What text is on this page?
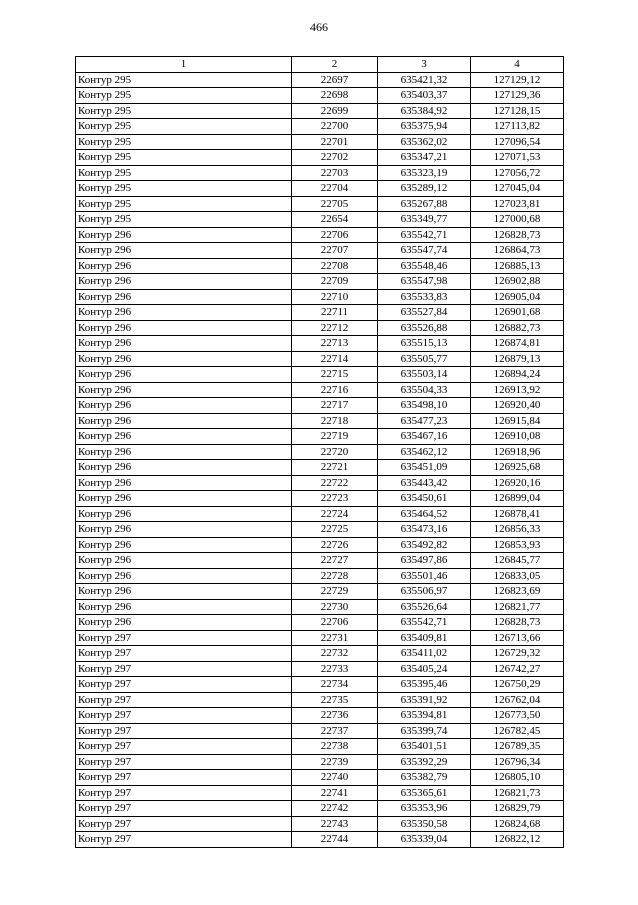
466
1	2	3	4
Контур 295	22697	635421,32	127129,12
Контур 295	22698	635403,37	127129,36
Контур 295	22699	635384,92	127128,15
Контур 295	22700	635375,94	127113,82
Контур 295	22701	635362,02	127096,54
Контур 295	22702	635347,21	127071,53
Контур 295	22703	635323,19	127056,72
Контур 295	22704	635289,12	127045,04
Контур 295	22705	635267,88	127023,81
Контур 295	22654	635349,77	127000,68
Контур 296	22706	635542,71	126828,73
Контур 296	22707	635547,74	126864,73
Контур 296	22708	635548,46	126885,13
Контур 296	22709	635547,98	126902,88
Контур 296	22710	635533,83	126905,04
Контур 296	22711	635527,84	126901,68
Контур 296	22712	635526,88	126882,73
Контур 296	22713	635515,13	126874,81
Контур 296	22714	635505,77	126879,13
Контур 296	22715	635503,14	126894,24
Контур 296	22716	635504,33	126913,92
Контур 296	22717	635498,10	126920,40
Контур 296	22718	635477,23	126915,84
Контур 296	22719	635467,16	126910,08
Контур 296	22720	635462,12	126918,96
Контур 296	22721	635451,09	126925,68
Контур 296	22722	635443,42	126920,16
Контур 296	22723	635450,61	126899,04
Контур 296	22724	635464,52	126878,41
Контур 296	22725	635473,16	126856,33
Контур 296	22726	635492,82	126853,93
Контур 296	22727	635497,86	126845,77
Контур 296	22728	635501,46	126833,05
Контур 296	22729	635506,97	126823,69
Контур 296	22730	635526,64	126821,77
Контур 296	22706	635542,71	126828,73
Контур 297	22731	635409,81	126713,66
Контур 297	22732	635411,02	126729,32
Контур 297	22733	635405,24	126742,27
Контур 297	22734	635395,46	126750,29
Контур 297	22735	635391,92	126762,04
Контур 297	22736	635394,81	126773,50
Контур 297	22737	635399,74	126782,45
Контур 297	22738	635401,51	126789,35
Контур 297	22739	635392,29	126796,34
Контур 297	22740	635382,79	126805,10
Контур 297	22741	635365,61	126821,73
Контур 297	22742	635353,96	126829,79
Контур 297	22743	635350,58	126824,68
Контур 297	22744	635339,04	126822,12
